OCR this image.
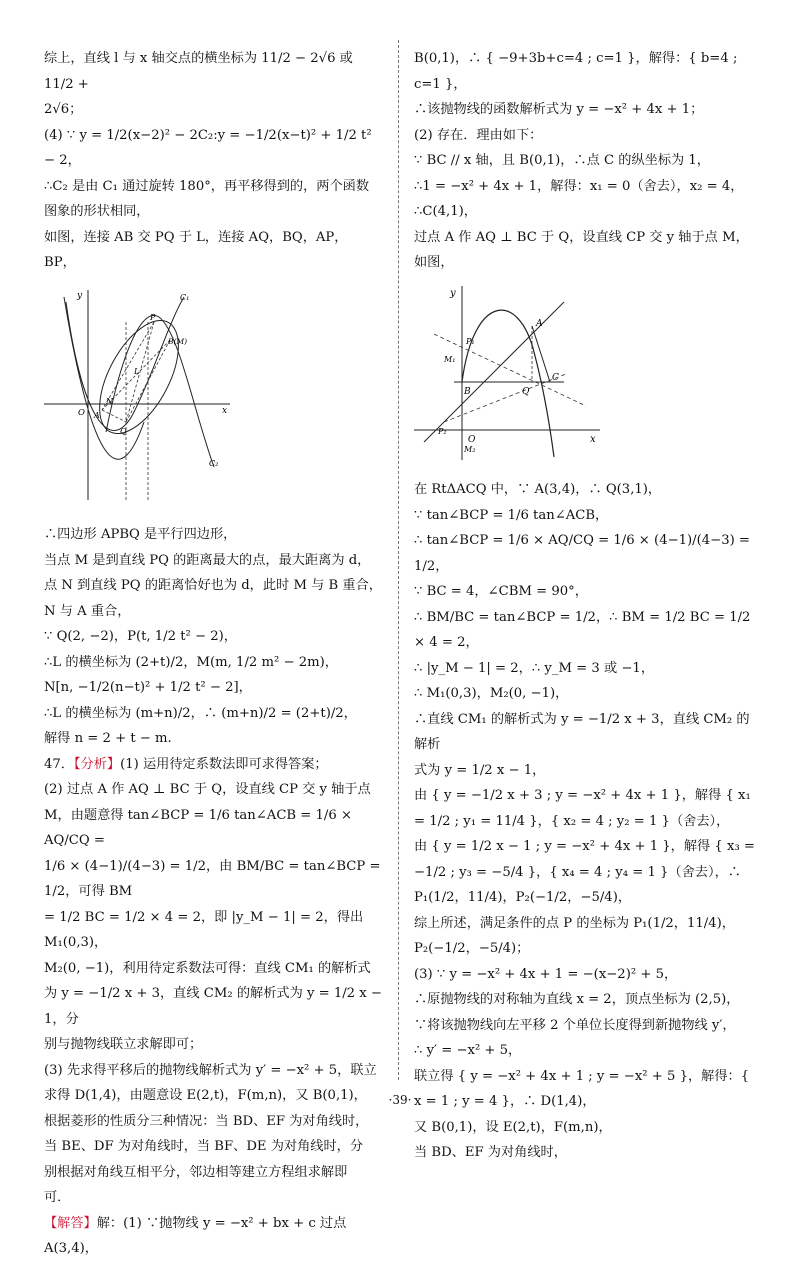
综上，直线 l 与 x 轴交点的横坐标为 11/2 − 2√6 或 11/2 +

2√6；

(4) ∵ y = 1/2(x−2)² − 2C₂:y = −1/2(x−t)² + 1/2 t² − 2，

∴C₂ 是由 C₁ 通过旋转 180°，再平移得到的，两个函数

图象的形状相同，

如图，连接 AB 交 PQ 于 L，连接 AQ，BQ，AP，

BP，

y
x
O
C₁
C₂
P
B(M)
L
N
A
Q

∴四边形 APBQ 是平行四边形，

当点 M 是到直线 PQ 的距离最大的点，最大距离为 d，

点 N 到直线 PQ 的距离恰好也为 d，此时 M 与 B 重合，

N 与 A 重合，

∵ Q(2, −2)，P(t, 1/2 t² − 2)，

∴L 的横坐标为 (2+t)/2，M(m, 1/2 m² − 2m)，

N[n, −1/2(n−t)² + 1/2 t² − 2]，

∴L 的横坐标为 (m+n)/2，∴ (m+n)/2 = (2+t)/2，

解得 n = 2 + t − m.

47．【分析】(1) 运用待定系数法即可求得答案；

(2) 过点 A 作 AQ ⊥ BC 于 Q，设直线 CP 交 y 轴于点

M，由题意得 tan∠BCP = 1/6 tan∠ACB = 1/6 × AQ/CQ =

1/6 × (4−1)/(4−3) = 1/2，由 BM/BC = tan∠BCP = 1/2，可得 BM

= 1/2 BC = 1/2 × 4 = 2，即 |y_M − 1| = 2，得出 M₁(0,3)，

M₂(0, −1)，利用待定系数法可得：直线 CM₁ 的解析式

为 y = −1/2 x + 3，直线 CM₂ 的解析式为 y = 1/2 x − 1，分

别与抛物线联立求解即可；

(3) 先求得平移后的抛物线解析式为 y′ = −x² + 5，联立

求得 D(1,4)，由题意设 E(2,t)，F(m,n)，又 B(0,1)，

根据菱形的性质分三种情况：当 BD、EF 为对角线时，

当 BE、DF 为对角线时，当 BF、DE 为对角线时，分

别根据对角线互相平分，邻边相等建立方程组求解即

可．

【解答】解：(1) ∵抛物线 y = −x² + bx + c 过点 A(3,4)，

B(0,1)，∴ { −9+3b+c=4 ; c=1 }，解得：{ b=4 ; c=1 }，

∴该抛物线的函数解析式为 y = −x² + 4x + 1；

(2) 存在．理由如下：

∵ BC // x 轴，且 B(0,1)，∴点 C 的纵坐标为 1，

∴1 = −x² + 4x + 1，解得：x₁ = 0（舍去），x₂ = 4，

∴C(4,1)，

过点 A 作 AQ ⊥ BC 于 Q，设直线 CP 交 y 轴于点 M，

如图，

y
x
O
A
B
C
Q
P₁
P₂
M₁
M₂

在 RtΔACQ 中，∵ A(3,4)，∴ Q(3,1)，

∵ tan∠BCP = 1/6 tan∠ACB，

∴ tan∠BCP = 1/6 × AQ/CQ = 1/6 × (4−1)/(4−3) = 1/2，

∵ BC = 4，∠CBM = 90°，

∴ BM/BC = tan∠BCP = 1/2，∴ BM = 1/2 BC = 1/2 × 4 = 2，

∴ |y_M − 1| = 2，∴ y_M = 3 或 −1，

∴ M₁(0,3)，M₂(0, −1)，

∴直线 CM₁ 的解析式为 y = −1/2 x + 3，直线 CM₂ 的解析

式为 y = 1/2 x − 1，

由 { y = −1/2 x + 3 ; y = −x² + 4x + 1 }，解得 { x₁ = 1/2 ; y₁ = 11/4 }，{ x₂ = 4 ; y₂ = 1 }（舍去），

由 { y = 1/2 x − 1 ; y = −x² + 4x + 1 }，解得 { x₃ = −1/2 ; y₃ = −5/4 }，{ x₄ = 4 ; y₄ = 1 }（舍去），∴

P₁(1/2，11/4)，P₂(−1/2，−5/4)，

综上所述，满足条件的点 P 的坐标为 P₁(1/2，11/4)，

P₂(−1/2，−5/4)；

(3) ∵ y = −x² + 4x + 1 = −(x−2)² + 5，

∴原抛物线的对称轴为直线 x = 2，顶点坐标为 (2,5)，

∵将该抛物线向左平移 2 个单位长度得到新抛物线 y′，

∴ y′ = −x² + 5，

联立得 { y = −x² + 4x + 1 ; y = −x² + 5 }，解得：{ x = 1 ; y = 4 }，∴ D(1,4)，

又 B(0,1)，设 E(2,t)，F(m,n)，

当 BD、EF 为对角线时，

·39·
